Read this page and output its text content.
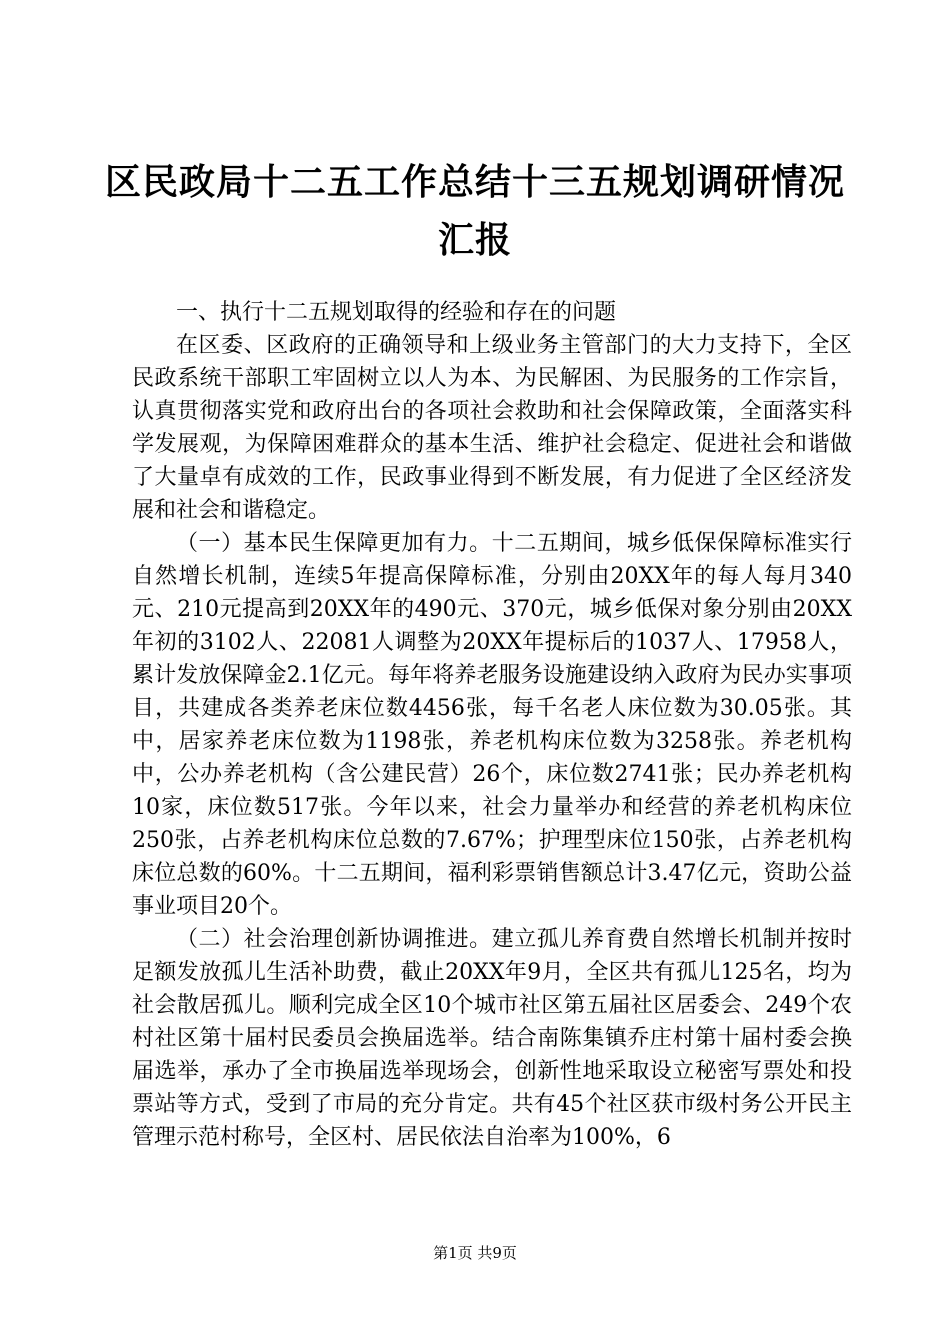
区民政局十二五工作总结十三五规划调研情况
汇报

一、执行十二五规划取得的经验和存在的问题

在区委、区政府的正确领导和上级业务主管部门的大力支持下，全区民政系统干部职工牢固树立以人为本、为民解困、为民服务的工作宗旨，认真贯彻落实党和政府出台的各项社会救助和社会保障政策，全面落实科学发展观，为保障困难群众的基本生活、维护社会稳定、促进社会和谐做了大量卓有成效的工作，民政事业得到不断发展，有力促进了全区经济发展和社会和谐稳定。

（一）基本民生保障更加有力。十二五期间，城乡低保保障标准实行自然增长机制，连续5年提高保障标准，分别由20XX年的每人每月340元、210元提高到20XX年的490元、370元，城乡低保对象分别由20XX年初的3102人、22081人调整为20XX年提标后的1037人、17958人，累计发放保障金2.1亿元。每年将养老服务设施建设纳入政府为民办实事项目，共建成各类养老床位数4456张，每千名老人床位数为30.05张。其中，居家养老床位数为1198张，养老机构床位数为3258张。养老机构中，公办养老机构（含公建民营）26个，床位数2741张；民办养老机构10家，床位数517张。今年以来，社会力量举办和经营的养老机构床位250张，占养老机构床位总数的7.67%；护理型床位150张，占养老机构床位总数的60%。十二五期间，福利彩票销售额总计3.47亿元，资助公益事业项目20个。

（二）社会治理创新协调推进。建立孤儿养育费自然增长机制并按时足额发放孤儿生活补助费，截止20XX年9月，全区共有孤儿125名，均为社会散居孤儿。顺利完成全区10个城市社区第五届社区居委会、249个农村社区第十届村民委员会换届选举。结合南陈集镇乔庄村第十届村委会换届选举，承办了全市换届选举现场会，创新性地采取设立秘密写票处和投票站等方式，受到了市局的充分肯定。共有45个社区获市级村务公开民主管理示范村称号，全区村、居民依法自治率为100%，6

第1页 共9页
